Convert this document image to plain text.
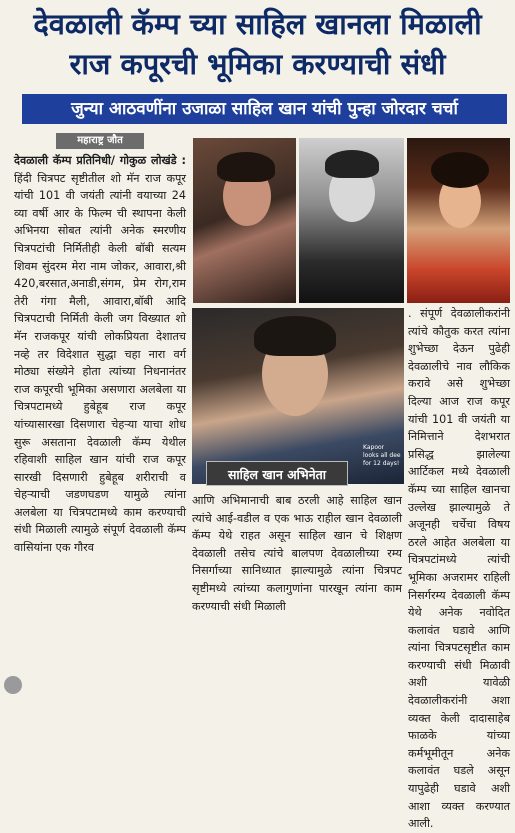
देवळाली कॅम्प च्या साहिल खानला मिळाली
राज कपूरची भूमिका करण्याची संधी
जुन्या आठवणींना उजाळा साहिल खान यांची पुन्हा जोरदार चर्चा
महाराष्ट्र जौत

देवळाली कॅम्प प्रतिनिधी/ गोकुळ लोखंडे : हिंदी चित्रपट सृष्टीतील शो मॅन राज कपूर यांची 101 वी जयंती त्यांनी वयाच्या 24 व्या वर्षी आर के फिल्म ची स्थापना केली अभिनया सोबत त्यांनी अनेक स्मरणीय चित्रपटांची निर्मितीही केली बॉबी सत्यम शिवम सुंदरम मेरा नाम जोकर, आवारा,श्री 420,बरसात,अनाडी,संगम, प्रेम रोग,राम तेरी गंगा मैली, आवारा,बॉबी आदि चित्रपटाची निर्मिती केली जग विख्यात शो मॅन राजकपूर यांची लोकप्रियता देशातच नव्हे तर विदेशात सुद्धा चहा नारा वर्ग मोठ्या संख्येने होता त्यांच्या निधनानंतर राज कपूरची भूमिका असणारा अलबेला या चित्रपटामध्ये हुबेहूब राज कपूर यांच्यासारखा दिसणारा चेहऱ्या याचा शोध सुरू असताना देवळाली कॅम्प येथील रहिवाशी साहिल खान यांची राज कपूर सारखी दिसणारी हुबेहूब शरीराची व चेहऱ्याची जडणघडण यामुळे त्यांना अलबेला या चित्रपटामध्ये काम करण्याची संधी मिळाली त्यामुळे संपूर्ण देवळाली कॅम्प वासियांना एक गौरव

Kapoor looks all dee for 12 days!
साहिल खान अभिनेता

आणि अभिमानाची बाब ठरली आहे साहिल खान त्यांचे आई-वडील व एक भाऊ राहील खान देवळाली कॅम्प येथे राहत असून साहिल खान चे शिक्षण देवळाली तसेच त्यांचे बालपण देवळालीच्या रम्य निसर्गाच्या सानिध्यात झाल्यामुळे त्यांना चित्रपट सृष्टीमध्ये त्यांच्या कलागुणांना पारखून त्यांना काम करण्याची संधी मिळाली

. संपूर्ण देवळालीकरांनी त्यांचे कौतुक करत त्यांना शुभेच्छा देऊन पुढेही देवळालीचे नाव लौकिक करावे असे शुभेच्छा दिल्या आज राज कपूर यांची 101 वी जयंती या निमित्ताने देशभरात प्रसिद्ध झालेल्या आर्टिकल मध्ये देवळाली कॅम्प च्या साहिल खानचा उल्लेख झाल्यामुळे ते अजूनही चर्चेचा विषय ठरले आहेत अलबेला या चित्रपटांमध्ये त्यांची भूमिका अजरामर राहिली निसर्गरम्य देवळाली कॅम्प येथे अनेक नवोदित कलावंत घडावे आणि त्यांना चित्रपटसृष्टीत काम करण्याची संधी मिळावी अशी यावेळी देवळालीकरांनी अशा व्यक्त केली दादासाहेब फाळके यांच्या कर्मभूमीतून अनेक कलावंत घडले असून यापुढेही घडावे अशी आशा व्यक्त करण्यात आली.
